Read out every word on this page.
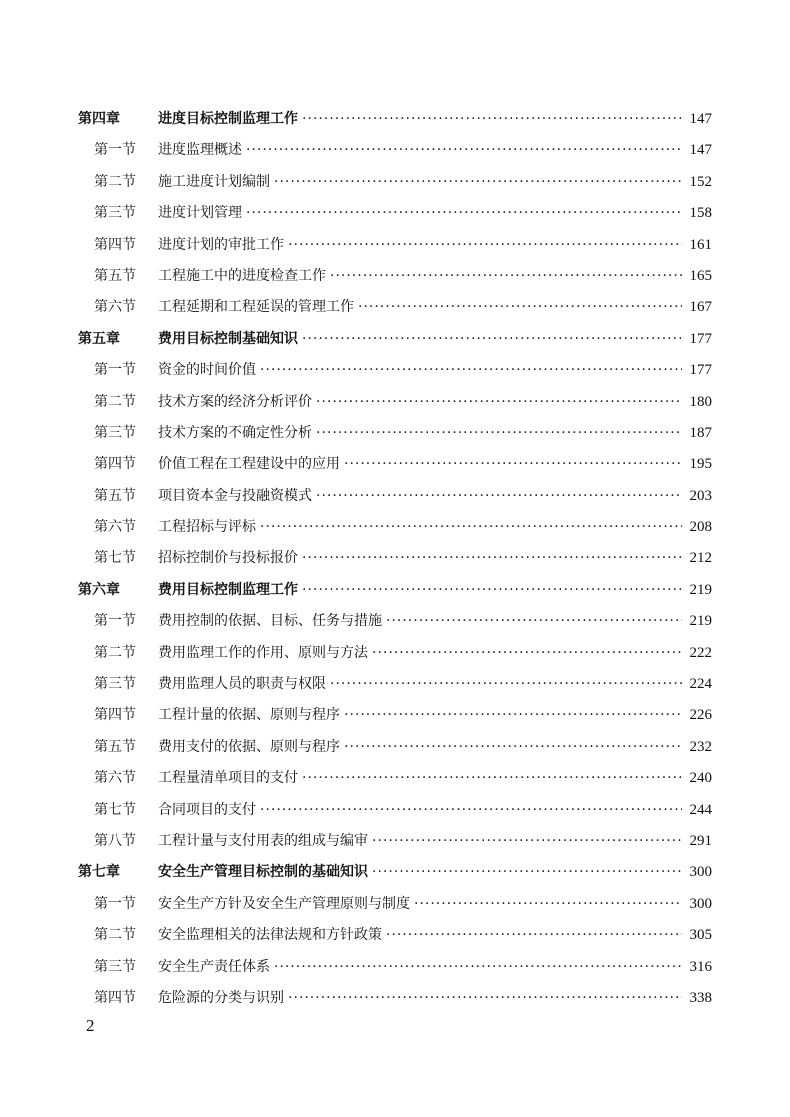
第四章	进度目标控制监理工作 ·····	147
第一节	进度监理概述 ·····	147
第二节	施工进度计划编制 ·····	152
第三节	进度计划管理 ·····	158
第四节	进度计划的审批工作 ·····	161
第五节	工程施工中的进度检查工作 ·····	165
第六节	工程延期和工程延误的管理工作 ·····	167
第五章	费用目标控制基础知识 ·····	177
第一节	资金的时间价值 ·····	177
第二节	技术方案的经济分析评价 ·····	180
第三节	技术方案的不确定性分析 ·····	187
第四节	价值工程在工程建设中的应用 ·····	195
第五节	项目资本金与投融资模式 ·····	203
第六节	工程招标与评标 ·····	208
第七节	招标控制价与投标报价 ·····	212
第六章	费用目标控制监理工作 ·····	219
第一节	费用控制的依据、目标、任务与措施 ·····	219
第二节	费用监理工作的作用、原则与方法 ·····	222
第三节	费用监理人员的职责与权限 ·····	224
第四节	工程计量的依据、原则与程序 ·····	226
第五节	费用支付的依据、原则与程序 ·····	232
第六节	工程量清单项目的支付 ·····	240
第七节	合同项目的支付 ·····	244
第八节	工程计量与支付用表的组成与编审 ·····	291
第七章	安全生产管理目标控制的基础知识 ·····	300
第一节	安全生产方针及安全生产管理原则与制度 ·····	300
第二节	安全监理相关的法律法规和方针政策 ·····	305
第三节	安全生产责任体系 ·····	316
第四节	危险源的分类与识别 ·····	338
2
